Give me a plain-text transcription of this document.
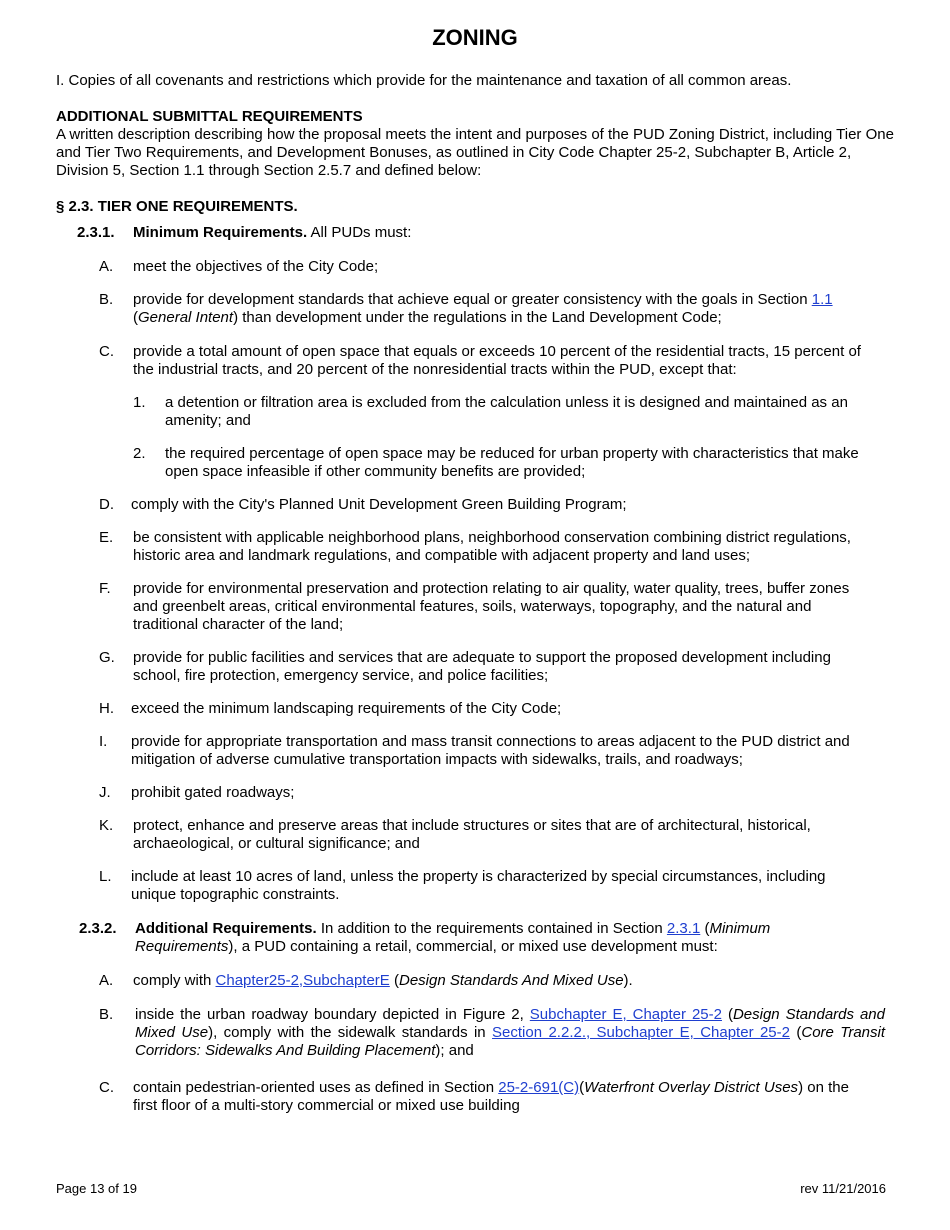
ZONING
I. Copies of all covenants and restrictions which provide for the maintenance and taxation of all common areas.
ADDITIONAL SUBMITTAL REQUIREMENTS
A written description describing how the proposal meets the intent and purposes of the PUD Zoning District, including Tier One and Tier Two Requirements, and Development Bonuses, as outlined in City Code Chapter 25-2, Subchapter B, Article 2, Division 5, Section 1.1 through Section 2.5.7 and defined below:
§ 2.3. TIER ONE REQUIREMENTS.
2.3.1. Minimum Requirements. All PUDs must:
A. meet the objectives of the City Code;
B. provide for development standards that achieve equal or greater consistency with the goals in Section 1.1
(General Intent) than development under the regulations in the Land Development Code;
C. provide a total amount of open space that equals or exceeds 10 percent of the residential tracts, 15 percent of the industrial tracts, and 20 percent of the nonresidential tracts within the PUD, except that:
1. a detention or filtration area is excluded from the calculation unless it is designed and maintained as an amenity; and
2. the required percentage of open space may be reduced for urban property with characteristics that make open space infeasible if other community benefits are provided;
D. comply with the City's Planned Unit Development Green Building Program;
E. be consistent with applicable neighborhood plans, neighborhood conservation combining district regulations, historic area and landmark regulations, and compatible with adjacent property and land uses;
F. provide for environmental preservation and protection relating to air quality, water quality, trees, buffer zones and greenbelt areas, critical environmental features, soils, waterways, topography, and the natural and traditional character of the land;
G. provide for public facilities and services that are adequate to support the proposed development including school, fire protection, emergency service, and police facilities;
H. exceed the minimum landscaping requirements of the City Code;
I. provide for appropriate transportation and mass transit connections to areas adjacent to the PUD district and mitigation of adverse cumulative transportation impacts with sidewalks, trails, and roadways;
J. prohibit gated roadways;
K. protect, enhance and preserve areas that include structures or sites that are of architectural, historical, archaeological, or cultural significance; and
L. include at least 10 acres of land, unless the property is characterized by special circumstances, including unique topographic constraints.
2.3.2. Additional Requirements. In addition to the requirements contained in Section 2.3.1 (Minimum Requirements), a PUD containing a retail, commercial, or mixed use development must:
A. comply with Chapter25-2,SubchapterE (Design Standards And Mixed Use).
B. inside the urban roadway boundary depicted in Figure 2, Subchapter E, Chapter 25-2 (Design Standards and Mixed Use), comply with the sidewalk standards in Section 2.2.2., Subchapter E, Chapter 25-2 (Core Transit Corridors: Sidewalks And Building Placement); and
C. contain pedestrian-oriented uses as defined in Section 25-2-691(C)(Waterfront Overlay District Uses) on the first floor of a multi-story commercial or mixed use building
Page 13 of 19	rev 11/21/2016
